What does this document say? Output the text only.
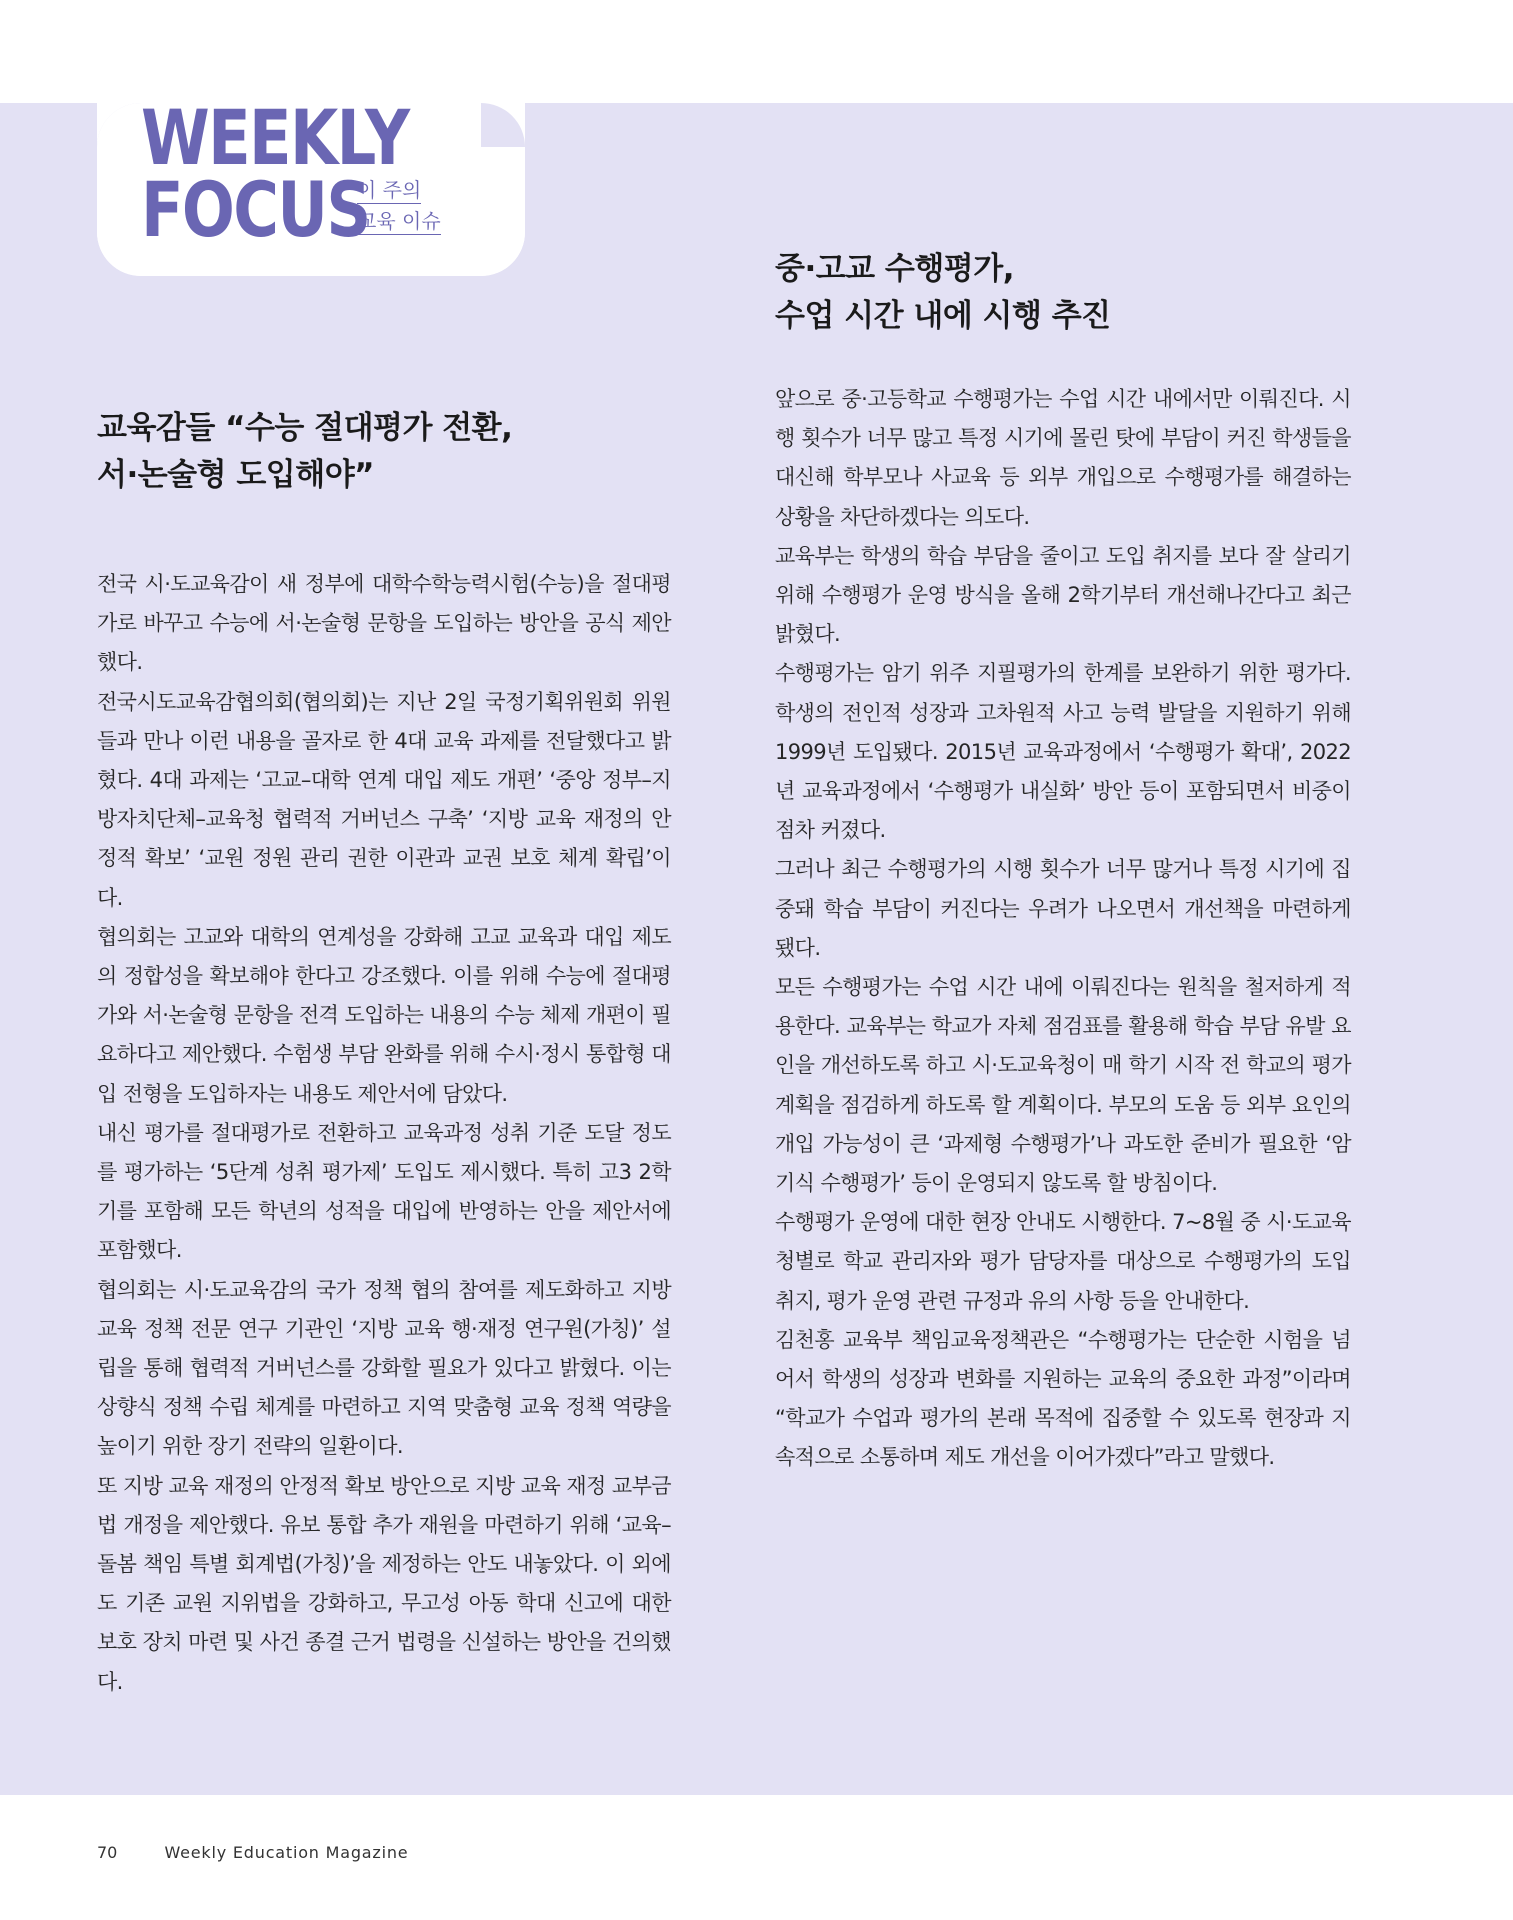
WEEKLY
FOCUS
이 주의
교육 이슈
교육감들 “수능 절대평가 전환,
서·논술형 도입해야”

전국 시·도교육감이 새 정부에 대학수학능력시험(수능)을 절대평가로 바꾸고 수능에 서·논술형 문항을 도입하는 방안을 공식 제안했다.

전국시도교육감협의회(협의회)는 지난 2일 국정기획위원회 위원들과 만나 이런 내용을 골자로 한 4대 교육 과제를 전달했다고 밝혔다. 4대 과제는 ‘고교–대학 연계 대입 제도 개편’ ‘중앙 정부–지방자치단체–교육청 협력적 거버넌스 구축’ ‘지방 교육 재정의 안정적 확보’ ‘교원 정원 관리 권한 이관과 교권 보호 체계 확립’이다.

협의회는 고교와 대학의 연계성을 강화해 고교 교육과 대입 제도의 정합성을 확보해야 한다고 강조했다. 이를 위해 수능에 절대평가와 서·논술형 문항을 전격 도입하는 내용의 수능 체제 개편이 필요하다고 제안했다. 수험생 부담 완화를 위해 수시·정시 통합형 대입 전형을 도입하자는 내용도 제안서에 담았다.

내신 평가를 절대평가로 전환하고 교육과정 성취 기준 도달 정도를 평가하는 ‘5단계 성취 평가제’ 도입도 제시했다. 특히 고3 2학기를 포함해 모든 학년의 성적을 대입에 반영하는 안을 제안서에 포함했다.

협의회는 시·도교육감의 국가 정책 협의 참여를 제도화하고 지방 교육 정책 전문 연구 기관인 ‘지방 교육 행·재정 연구원(가칭)’ 설립을 통해 협력적 거버넌스를 강화할 필요가 있다고 밝혔다. 이는 상향식 정책 수립 체계를 마련하고 지역 맞춤형 교육 정책 역량을 높이기 위한 장기 전략의 일환이다.

또 지방 교육 재정의 안정적 확보 방안으로 지방 교육 재정 교부금법 개정을 제안했다. 유보 통합 추가 재원을 마련하기 위해 ‘교육–돌봄 책임 특별 회계법(가칭)’을 제정하는 안도 내놓았다. 이 외에도 기존 교원 지위법을 강화하고, 무고성 아동 학대 신고에 대한 보호 장치 마련 및 사건 종결 근거 법령을 신설하는 방안을 건의했다.

중·고교 수행평가,
수업 시간 내에 시행 추진

앞으로 중·고등학교 수행평가는 수업 시간 내에서만 이뤄진다. 시행 횟수가 너무 많고 특정 시기에 몰린 탓에 부담이 커진 학생들을 대신해 학부모나 사교육 등 외부 개입으로 수행평가를 해결하는 상황을 차단하겠다는 의도다.

교육부는 학생의 학습 부담을 줄이고 도입 취지를 보다 잘 살리기 위해 수행평가 운영 방식을 올해 2학기부터 개선해나간다고 최근 밝혔다.

수행평가는 암기 위주 지필평가의 한계를 보완하기 위한 평가다. 학생의 전인적 성장과 고차원적 사고 능력 발달을 지원하기 위해 1999년 도입됐다. 2015년 교육과정에서 ‘수행평가 확대’, 2022년 교육과정에서 ‘수행평가 내실화’ 방안 등이 포함되면서 비중이 점차 커졌다.

그러나 최근 수행평가의 시행 횟수가 너무 많거나 특정 시기에 집중돼 학습 부담이 커진다는 우려가 나오면서 개선책을 마련하게 됐다.

모든 수행평가는 수업 시간 내에 이뤄진다는 원칙을 철저하게 적용한다. 교육부는 학교가 자체 점검표를 활용해 학습 부담 유발 요인을 개선하도록 하고 시·도교육청이 매 학기 시작 전 학교의 평가 계획을 점검하게 하도록 할 계획이다. 부모의 도움 등 외부 요인의 개입 가능성이 큰 ‘과제형 수행평가’나 과도한 준비가 필요한 ‘암기식 수행평가’ 등이 운영되지 않도록 할 방침이다.

수행평가 운영에 대한 현장 안내도 시행한다. 7~8월 중 시·도교육청별로 학교 관리자와 평가 담당자를 대상으로 수행평가의 도입 취지, 평가 운영 관련 규정과 유의 사항 등을 안내한다.

김천홍 교육부 책임교육정책관은 “수행평가는 단순한 시험을 넘어서 학생의 성장과 변화를 지원하는 교육의 중요한 과정”이라며 “학교가 수업과 평가의 본래 목적에 집중할 수 있도록 현장과 지속적으로 소통하며 제도 개선을 이어가겠다”라고 말했다.

70	Weekly Education Magazine
